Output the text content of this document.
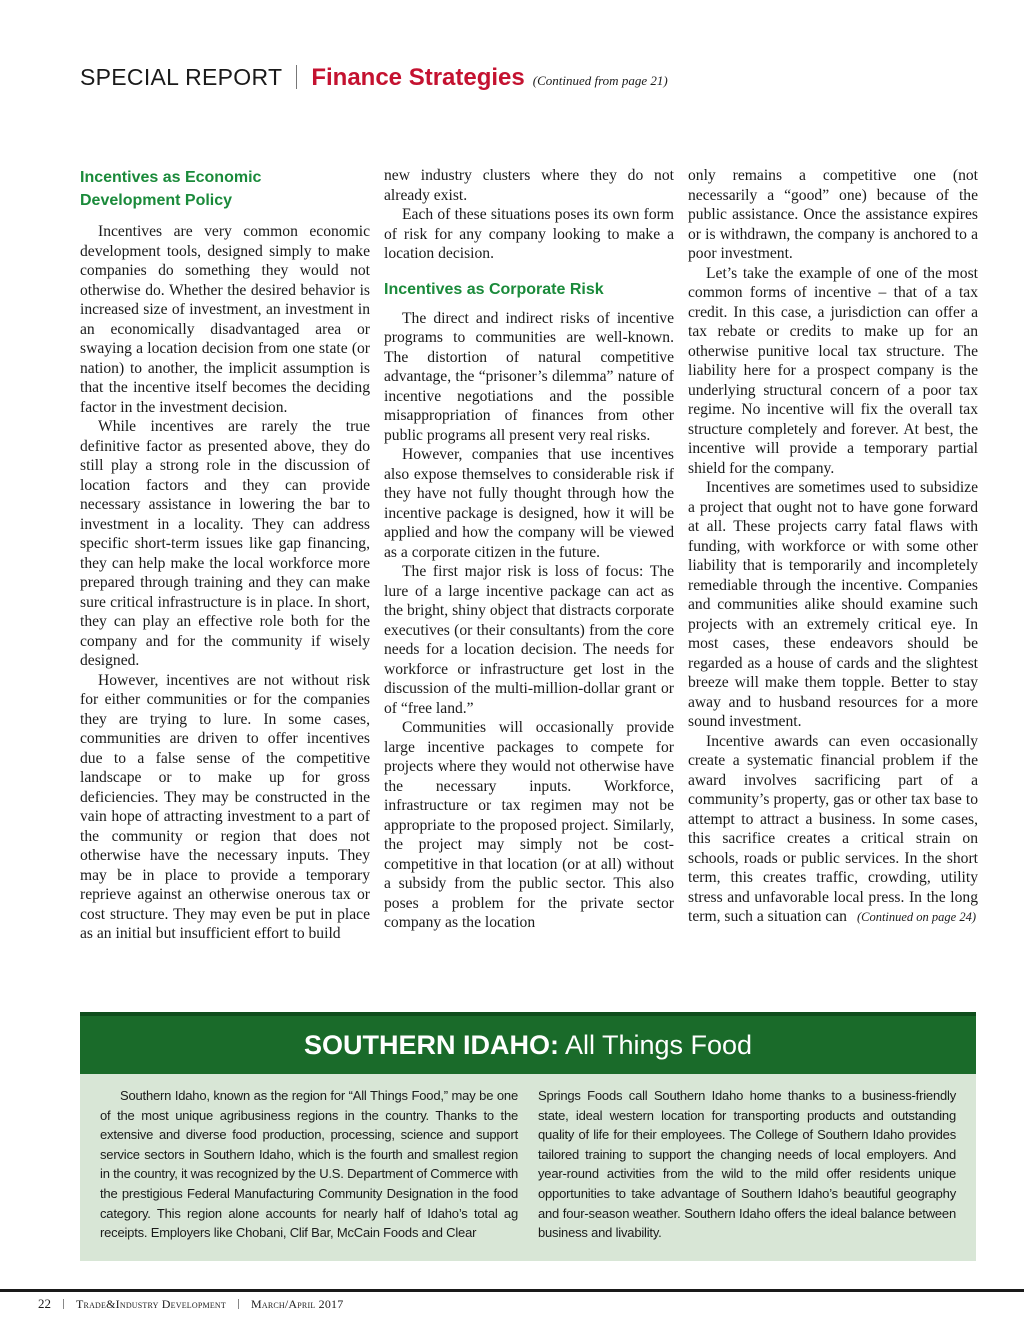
SPECIAL REPORT Finance Strategies (Continued from page 21)
Incentives as Economic
Development Policy

Incentives are very common economic development tools, designed simply to make companies do something they would not otherwise do. Whether the desired behavior is increased size of investment, an investment in an economically disadvantaged area or swaying a location decision from one state (or nation) to another, the implicit assumption is that the incentive itself becomes the deciding factor in the investment decision.

While incentives are rarely the true definitive factor as presented above, they do still play a strong role in the discussion of location factors and they can provide necessary assistance in lowering the bar to investment in a locality. They can address specific short-term issues like gap financing, they can help make the local workforce more prepared through training and they can make sure critical infrastructure is in place. In short, they can play an effective role both for the company and for the community if wisely designed.

However, incentives are not without risk for either communities or for the companies they are trying to lure. In some cases, communities are driven to offer incentives due to a false sense of the competitive landscape or to make up for gross deficiencies. They may be constructed in the vain hope of attracting investment to a part of the community or region that does not otherwise have the necessary inputs. They may be in place to provide a temporary reprieve against an otherwise onerous tax or cost structure. They may even be put in place as an initial but insufficient effort to build

new industry clusters where they do not already exist.

Each of these situations poses its own form of risk for any company looking to make a location decision.

Incentives as Corporate Risk

The direct and indirect risks of incentive programs to communities are well-known. The distortion of natural competitive advantage, the “prisoner’s dilemma” nature of incentive negotiations and the possible misappropriation of finances from other public programs all present very real risks.

However, companies that use incentives also expose themselves to considerable risk if they have not fully thought through how the incentive package is designed, how it will be applied and how the company will be viewed as a corporate citizen in the future.

The first major risk is loss of focus: The lure of a large incentive package can act as the bright, shiny object that distracts corporate executives (or their consultants) from the core needs for a location decision. The needs for workforce or infrastructure get lost in the discussion of the multi-million-dollar grant or of “free land.”

Communities will occasionally provide large incentive packages to compete for projects where they would not otherwise have the necessary inputs. Workforce, infrastructure or tax regimen may not be appropriate to the proposed project. Similarly, the project may simply not be cost-competitive in that location (or at all) without a subsidy from the public sector. This also poses a problem for the private sector company as the location

only remains a competitive one (not necessarily a “good” one) because of the public assistance. Once the assistance expires or is withdrawn, the company is anchored to a poor investment.

Let’s take the example of one of the most common forms of incentive – that of a tax credit. In this case, a jurisdiction can offer a tax rebate or credits to make up for an otherwise punitive local tax structure. The liability here for a prospect company is the underlying structural concern of a poor tax regime. No incentive will fix the overall tax structure completely and forever. At best, the incentive will provide a temporary partial shield for the company.

Incentives are sometimes used to subsidize a project that ought not to have gone forward at all. These projects carry fatal flaws with funding, with workforce or with some other liability that is temporarily and incompletely remediable through the incentive. Companies and communities alike should examine such projects with an extremely critical eye. In most cases, these endeavors should be regarded as a house of cards and the slightest breeze will make them topple. Better to stay away and to husband resources for a more sound investment.

Incentive awards can even occasionally create a systematic financial problem if the award involves sacrificing part of a community’s property, gas or other tax base to attempt to attract a business. In some cases, this sacrifice creates a critical strain on schools, roads or public services. In the short term, this creates traffic, crowding, utility stress and unfavorable local press. In the long term, such a situation can (Continued on page 24)

SOUTHERN IDAHO: All Things Food
Southern Idaho, known as the region for “All Things Food,” may be one of the most unique agribusiness regions in the country. Thanks to the extensive and diverse food production, processing, science and support service sectors in Southern Idaho, which is the fourth and smallest region in the country, it was recognized by the U.S. Department of Commerce with the prestigious Federal Manufacturing Community Designation in the food category. This region alone accounts for nearly half of Idaho’s total ag receipts. Employers like Chobani, Clif Bar, McCain Foods and Clear
Springs Foods call Southern Idaho home thanks to a business-friendly state, ideal western location for transporting products and outstanding quality of life for their employees. The College of Southern Idaho provides tailored training to support the changing needs of local employers. And year-round activities from the wild to the mild offer residents unique opportunities to take advantage of Southern Idaho’s beautiful geography and four-season weather. Southern Idaho offers the ideal balance between business and livability.
22 Trade&Industry Development March/April 2017
